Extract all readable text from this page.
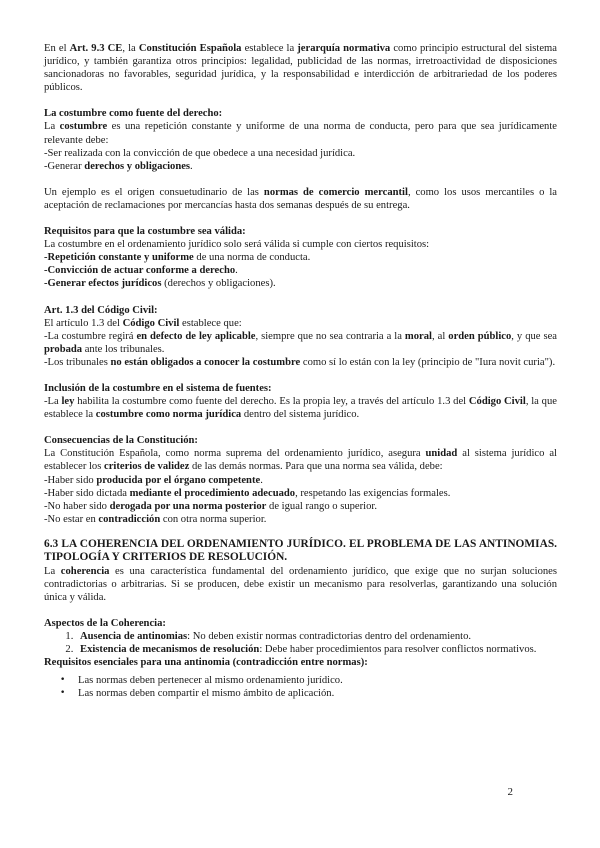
En el Art. 9.3 CE, la Constitución Española establece la jerarquía normativa como principio estructural del sistema jurídico, y también garantiza otros principios: legalidad, publicidad de las normas, irretroactividad de disposiciones sancionadoras no favorables, seguridad jurídica, y la responsabilidad e interdicción de arbitrariedad de los poderes públicos.

La costumbre como fuente del derecho:

La costumbre es una repetición constante y uniforme de una norma de conducta, pero para que sea jurídicamente relevante debe:

-Ser realizada con la convicción de que obedece a una necesidad jurídica.

-Generar derechos y obligaciones.

Un ejemplo es el origen consuetudinario de las normas de comercio mercantil, como los usos mercantiles o la aceptación de reclamaciones por mercancías hasta dos semanas después de su entrega.

Requisitos para que la costumbre sea válida:

La costumbre en el ordenamiento jurídico solo será válida si cumple con ciertos requisitos:

-Repetición constante y uniforme de una norma de conducta.

-Convicción de actuar conforme a derecho.

-Generar efectos jurídicos (derechos y obligaciones).

Art. 1.3 del Código Civil:

El artículo 1.3 del Código Civil establece que:

-La costumbre regirá en defecto de ley aplicable, siempre que no sea contraria a la moral, al orden público, y que sea probada ante los tribunales.

-Los tribunales no están obligados a conocer la costumbre como sí lo están con la ley (principio de "Iura novit curia").

Inclusión de la costumbre en el sistema de fuentes:

-La ley habilita la costumbre como fuente del derecho. Es la propia ley, a través del artículo 1.3 del Código Civil, la que establece la costumbre como norma jurídica dentro del sistema jurídico.

Consecuencias de la Constitución:

La Constitución Española, como norma suprema del ordenamiento jurídico, asegura unidad al sistema jurídico al establecer los criterios de validez de las demás normas. Para que una norma sea válida, debe:

-Haber sido producida por el órgano competente.

-Haber sido dictada mediante el procedimiento adecuado, respetando las exigencias formales.

-No haber sido derogada por una norma posterior de igual rango o superior.

-No estar en contradicción con otra norma superior.

6.3 LA COHERENCIA DEL ORDENAMIENTO JURÍDICO. EL PROBLEMA DE LAS ANTINOMIAS. TIPOLOGÍA Y CRITERIOS DE RESOLUCIÓN.

La coherencia es una característica fundamental del ordenamiento jurídico, que exige que no surjan soluciones contradictorias o arbitrarias. Si se producen, debe existir un mecanismo para resolverlas, garantizando una solución única y válida.

Aspectos de la Coherencia:

1. Ausencia de antinomias: No deben existir normas contradictorias dentro del ordenamiento.
2. Existencia de mecanismos de resolución: Debe haber procedimientos para resolver conflictos normativos.

Requisitos esenciales para una antinomia (contradicción entre normas):

• Las normas deben pertenecer al mismo ordenamiento jurídico.
• Las normas deben compartir el mismo ámbito de aplicación.
2
